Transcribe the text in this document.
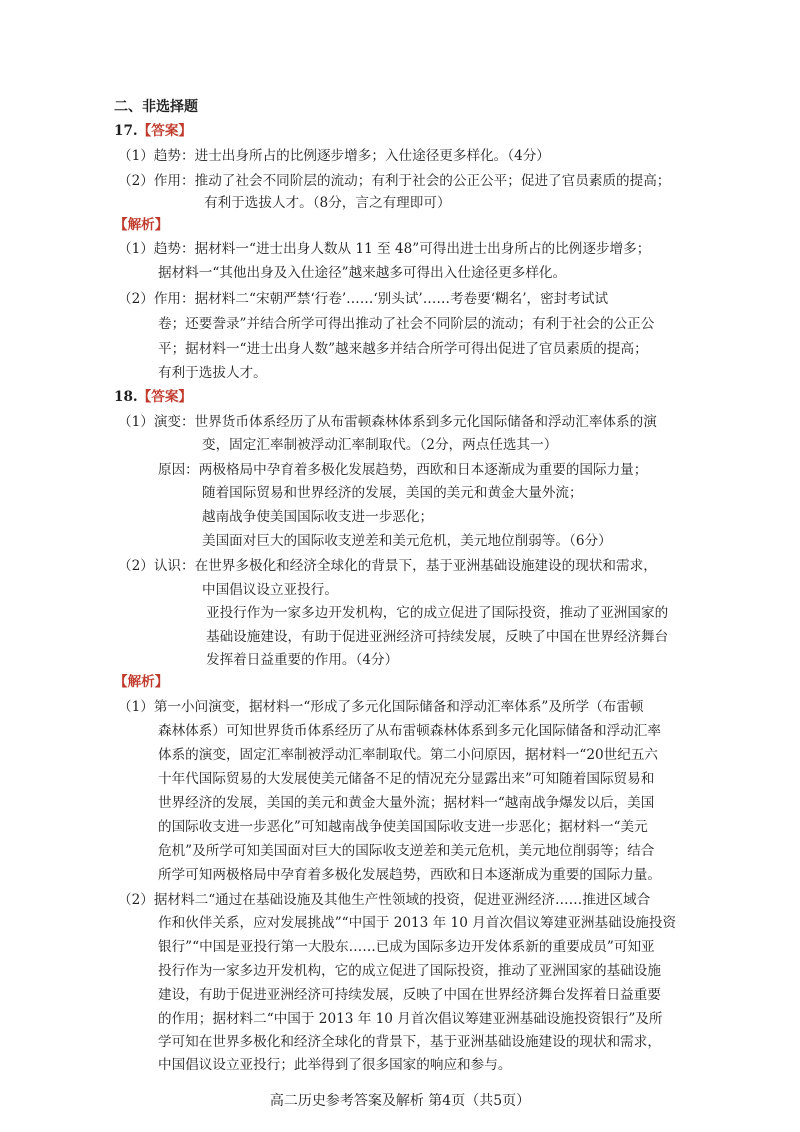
二、非选择题
17.【答案】
（1）趋势：进士出身所占的比例逐步增多；入仕途径更多样化。（4分）
（2）作用：推动了社会不同阶层的流动；有利于社会的公正公平；促进了官员素质的提高；
有利于选拔人才。（8分，言之有理即可）
【解析】
（1）趋势：据材料一“进士出身人数从 11 至 48”可得出进士出身所占的比例逐步增多；
据材料一“其他出身及入仕途径”越来越多可得出入仕途径更多样化。
（2）作用：据材料二“宋朝严禁‘行卷’……‘别头试’……考卷要‘糊名’，密封考试试
卷；还要誊录”并结合所学可得出推动了社会不同阶层的流动；有利于社会的公正公
平；据材料一“进士出身人数”越来越多并结合所学可得出促进了官员素质的提高；
有利于选拔人才。
18.【答案】
（1）演变：世界货币体系经历了从布雷顿森林体系到多元化国际储备和浮动汇率体系的演
变，固定汇率制被浮动汇率制取代。（2分，两点任选其一）
原因：两极格局中孕育着多极化发展趋势，西欧和日本逐渐成为重要的国际力量；
随着国际贸易和世界经济的发展，美国的美元和黄金大量外流；
越南战争使美国国际收支进一步恶化；
美国面对巨大的国际收支逆差和美元危机，美元地位削弱等。（6分）
（2）认识：在世界多极化和经济全球化的背景下，基于亚洲基础设施建设的现状和需求，
中国倡议设立亚投行。
亚投行作为一家多边开发机构，它的成立促进了国际投资，推动了亚洲国家的
基础设施建设，有助于促进亚洲经济可持续发展，反映了中国在世界经济舞台
发挥着日益重要的作用。（4分）
【解析】
（1）第一小问演变，据材料一“形成了多元化国际储备和浮动汇率体系”及所学（布雷顿
森林体系）可知世界货币体系经历了从布雷顿森林体系到多元化国际储备和浮动汇率
体系的演变，固定汇率制被浮动汇率制取代。第二小问原因，据材料一“20世纪五六
十年代国际贸易的大发展使美元储备不足的情况充分显露出来”可知随着国际贸易和
世界经济的发展，美国的美元和黄金大量外流；据材料一“越南战争爆发以后，美国
的国际收支进一步恶化”可知越南战争使美国国际收支进一步恶化；据材料一“美元
危机”及所学可知美国面对巨大的国际收支逆差和美元危机，美元地位削弱等；结合
所学可知两极格局中孕育着多极化发展趋势，西欧和日本逐渐成为重要的国际力量。
（2）据材料二“通过在基础设施及其他生产性领域的投资，促进亚洲经济……推进区域合
作和伙伴关系，应对发展挑战”“中国于 2013 年 10 月首次倡议筹建亚洲基础设施投资
银行”“中国是亚投行第一大股东……已成为国际多边开发体系新的重要成员”可知亚
投行作为一家多边开发机构，它的成立促进了国际投资，推动了亚洲国家的基础设施
建设，有助于促进亚洲经济可持续发展，反映了中国在世界经济舞台发挥着日益重要
的作用；据材料二“中国于 2013 年 10 月首次倡议筹建亚洲基础设施投资银行”及所
学可知在世界多极化和经济全球化的背景下，基于亚洲基础设施建设的现状和需求，
中国倡议设立亚投行；此举得到了很多国家的响应和参与。
高二历史参考答案及解析 第4页（共5页）
